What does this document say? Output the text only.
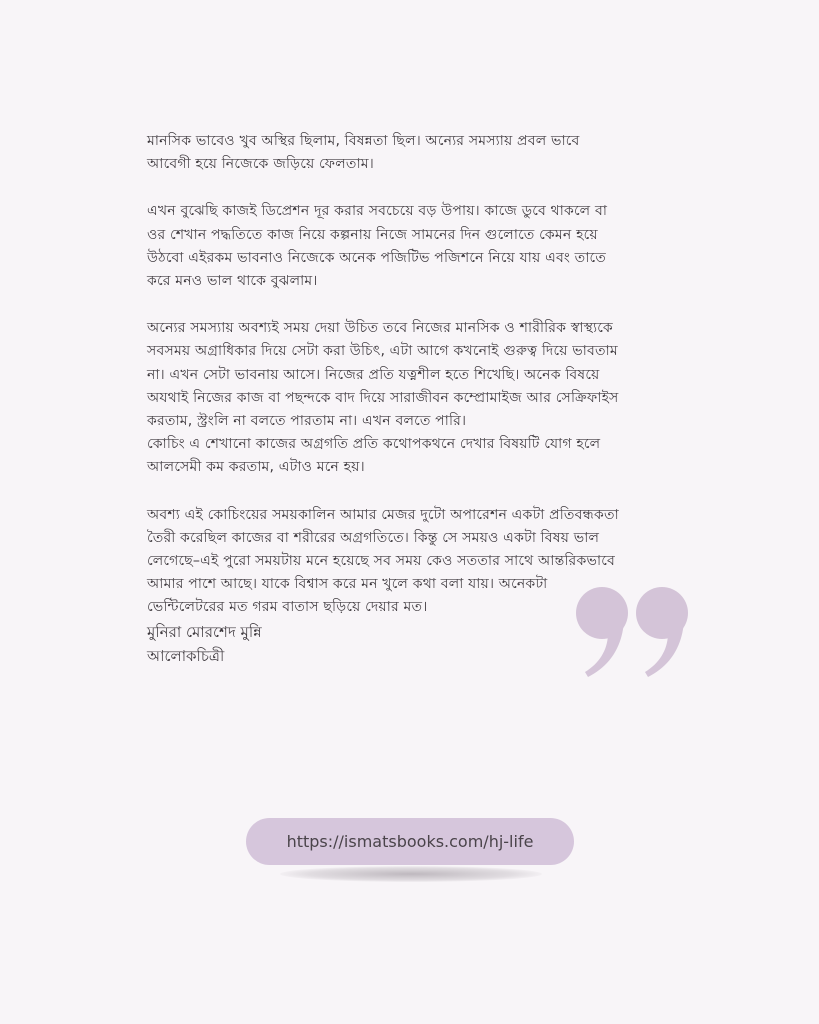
মানসিক ভাবেও খুব অস্থির ছিলাম, বিষন্নতা ছিল। অন্যের সমস্যায় প্রবল ভাবে
আবেগী হয়ে নিজেকে জড়িয়ে ফেলতাম।

এখন বুঝেছি কাজই ডিপ্রেশন দূর করার সবচেয়ে বড় উপায়। কাজে ডুবে থাকলে বা
ওর শেখান পদ্ধতিতে কাজ নিয়ে কল্পনায় নিজে সামনের দিন গুলোতে কেমন হয়ে
উঠবো এইরকম ভাবনাও নিজেকে অনেক পজিটিভ পজিশনে নিয়ে যায় এবং তাতে
করে মনও ভাল থাকে বুঝলাম।

অন্যের সমস্যায় অবশ্যই সময় দেয়া উচিত তবে নিজের মানসিক ও শারীরিক স্বাস্থ্যকে
সবসময় অগ্রাধিকার দিয়ে সেটা করা উচিৎ, এটা আগে কখনোই গুরুত্ব দিয়ে ভাবতাম
না। এখন সেটা ভাবনায় আসে। নিজের প্রতি যত্নশীল হতে শিখেছি। অনেক বিষয়ে
অযথাই নিজের কাজ বা পছন্দকে বাদ দিয়ে সারাজীবন কম্প্রোমাইজ আর সেক্রিফাইস
করতাম, স্ট্রংলি না বলতে পারতাম না। এখন বলতে পারি।
কোচিং এ শেখানো কাজের অগ্রগতি প্রতি কথোপকথনে দেখার বিষয়টি যোগ হলে
আলসেমী কম করতাম, এটাও মনে হয়।

অবশ্য এই কোচিংয়ের সময়কালিন আমার মেজর দুটো অপারেশন একটা প্রতিবন্ধকতা
তৈরী করেছিল কাজের বা শরীরের অগ্রগতিতে। কিন্তু সে সময়ও একটা বিষয় ভাল
লেগেছে–এই পুরো সময়টায় মনে হয়েছে সব সময় কেও সততার সাথে আন্তরিকভাবে
আমার পাশে আছে। যাকে বিশ্বাস করে মন খুলে কথা বলা যায়। অনেকটা
ভেন্টিলেটরের মত গরম বাতাস ছড়িয়ে দেয়ার মত।

মুনিরা মোরশেদ মুন্নি
আলোকচিত্রী
https://ismatsbooks.com/hj-life
